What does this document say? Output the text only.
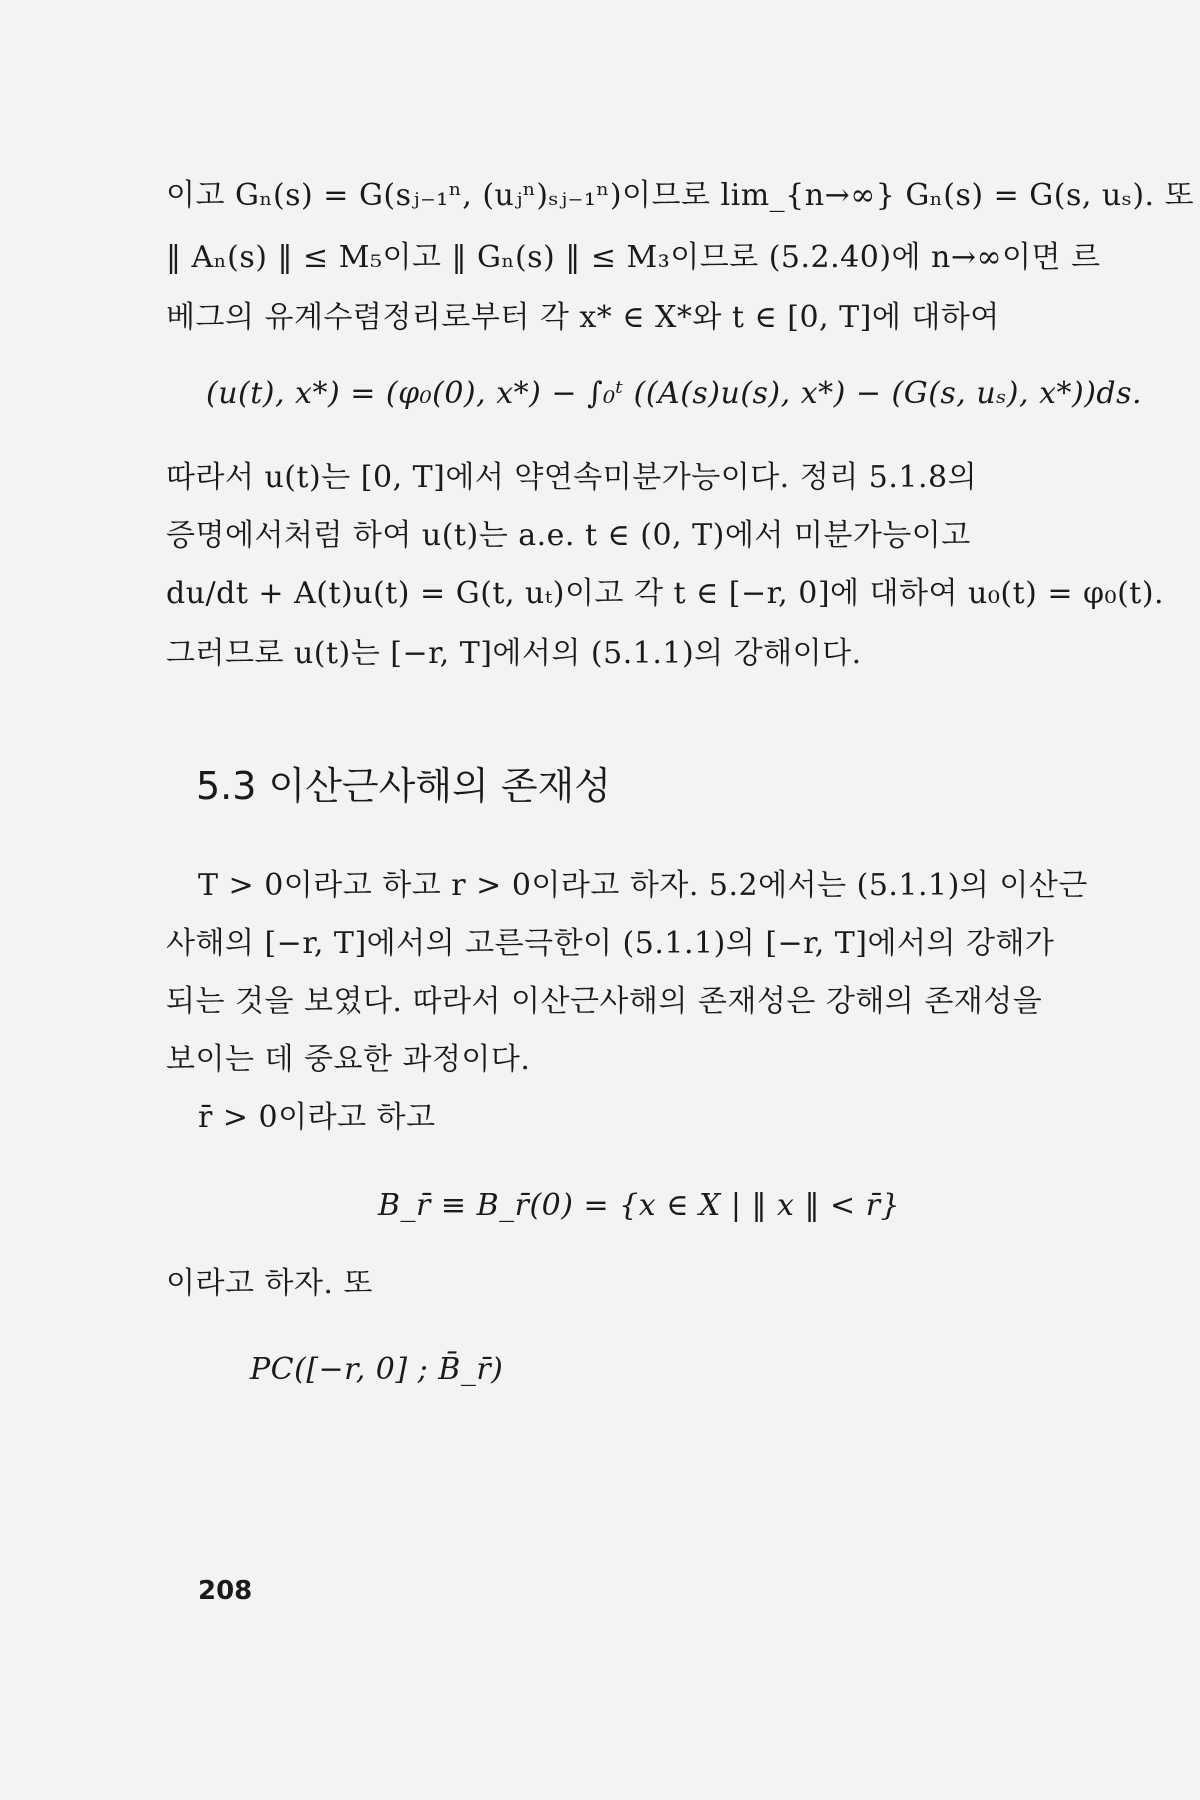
이고 Gₙ(s) = G(sⱼ₋₁ⁿ, (uⱼⁿ)ₛⱼ₋₁ⁿ)이므로 lim_{n→∞} Gₙ(s) = G(s, uₛ). 또
‖ Aₙ(s) ‖ ≤ M₅이고 ‖ Gₙ(s) ‖ ≤ M₃이므로 (5.2.40)에 n→∞이면 르
베그의 유계수렴정리로부터 각 x* ∈ X*와 t ∈ [0, T]에 대하여
(u(t), x*) = (φ₀(0), x*) − ∫₀ᵗ ((A(s)u(s), x*) − (G(s, uₛ), x*))ds.
따라서 u(t)는 [0, T]에서 약연속미분가능이다. 정리 5.1.8의
증명에서처럼 하여 u(t)는 a.e. t ∈ (0, T)에서 미분가능이고
du/dt + A(t)u(t) = G(t, uₜ)이고 각 t ∈ [−r, 0]에 대하여 u₀(t) = φ₀(t).
그러므로 u(t)는 [−r, T]에서의 (5.1.1)의 강해이다.
5.3 이산근사해의 존재성
T > 0이라고 하고 r > 0이라고 하자. 5.2에서는 (5.1.1)의 이산근
사해의 [−r, T]에서의 고른극한이 (5.1.1)의 [−r, T]에서의 강해가
되는 것을 보였다. 따라서 이산근사해의 존재성은 강해의 존재성을
보이는 데 중요한 과정이다.
r̄ > 0이라고 하고
B_r̄ ≡ B_r̄(0) = {x ∈ X | ‖ x ‖ < r̄}
이라고 하자. 또
PC([−r, 0] ; B̄_r̄)
208
